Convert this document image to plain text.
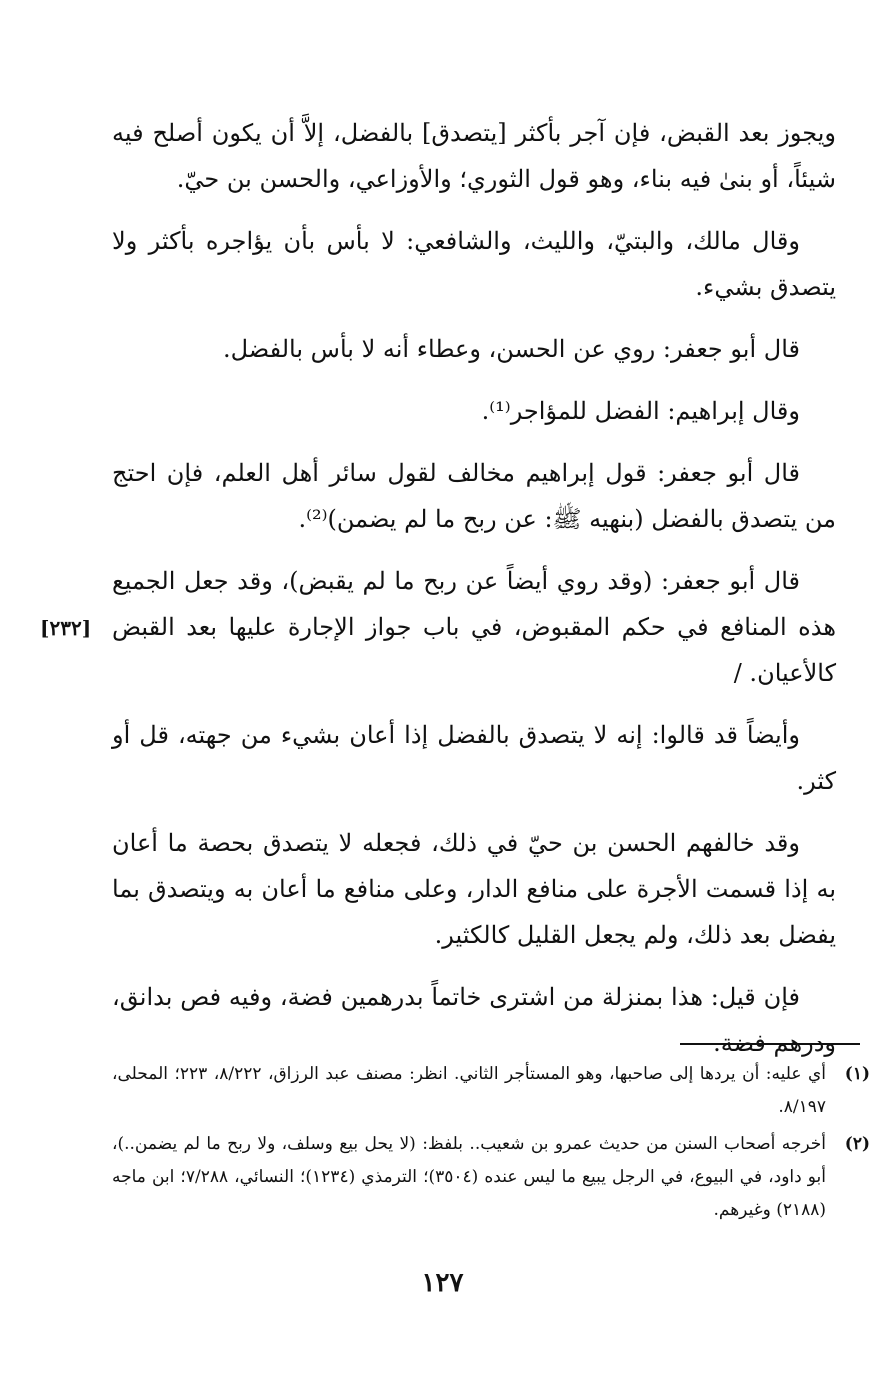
ويجوز بعد القبض، فإن آجر بأكثر [يتصدق] بالفضل، إلاَّ أن يكون أصلح فيه شيئاً، أو بنىٰ فيه بناء، وهو قول الثوري؛ والأوزاعي، والحسن بن حيّ.

وقال مالك، والبتيّ، والليث، والشافعي: لا بأس بأن يؤاجره بأكثر ولا يتصدق بشيء.

قال أبو جعفر: روي عن الحسن، وعطاء أنه لا بأس بالفضل.

وقال إبراهيم: الفضل للمؤاجر⁽¹⁾.

قال أبو جعفر: قول إبراهيم مخالف لقول سائر أهل العلم، فإن احتج من يتصدق بالفضل (بنهيه ﷺ: عن ربح ما لم يضمن)⁽²⁾.

قال أبو جعفر: (وقد روي أيضاً عن ربح ما لم يقبض)، وقد جعل الجميع هذه المنافع في حكم المقبوض، في باب جواز الإجارة عليها بعد القبض كالأعيان. /

وأيضاً قد قالوا: إنه لا يتصدق بالفضل إذا أعان بشيء من جهته، قل أو كثر.

وقد خالفهم الحسن بن حيّ في ذلك، فجعله لا يتصدق بحصة ما أعان به إذا قسمت الأجرة على منافع الدار، وعلى منافع ما أعان به ويتصدق بما يفضل بعد ذلك، ولم يجعل القليل كالكثير.

فإن قيل: هذا بمنزلة من اشترى خاتماً بدرهمين فضة، وفيه فص بدانق، ودرهم فضة.

[٢٣٢]
(١)
أي عليه: أن يردها إلى صاحبها، وهو المستأجر الثاني. انظر: مصنف عبد الرزاق، ٨/٢٢٢، ٢٢٣؛ المحلى، ٨/١٩٧.
(٢)
أخرجه أصحاب السنن من حديث عمرو بن شعيب.. بلفظ: (لا يحل بيع وسلف، ولا ربح ما لم يضمن..)، أبو داود، في البيوع، في الرجل يبيع ما ليس عنده (٣٥٠٤)؛ الترمذي (١٢٣٤)؛ النسائي، ٧/٢٨٨؛ ابن ماجه (٢١٨٨) وغيرهم.
١٢٧
